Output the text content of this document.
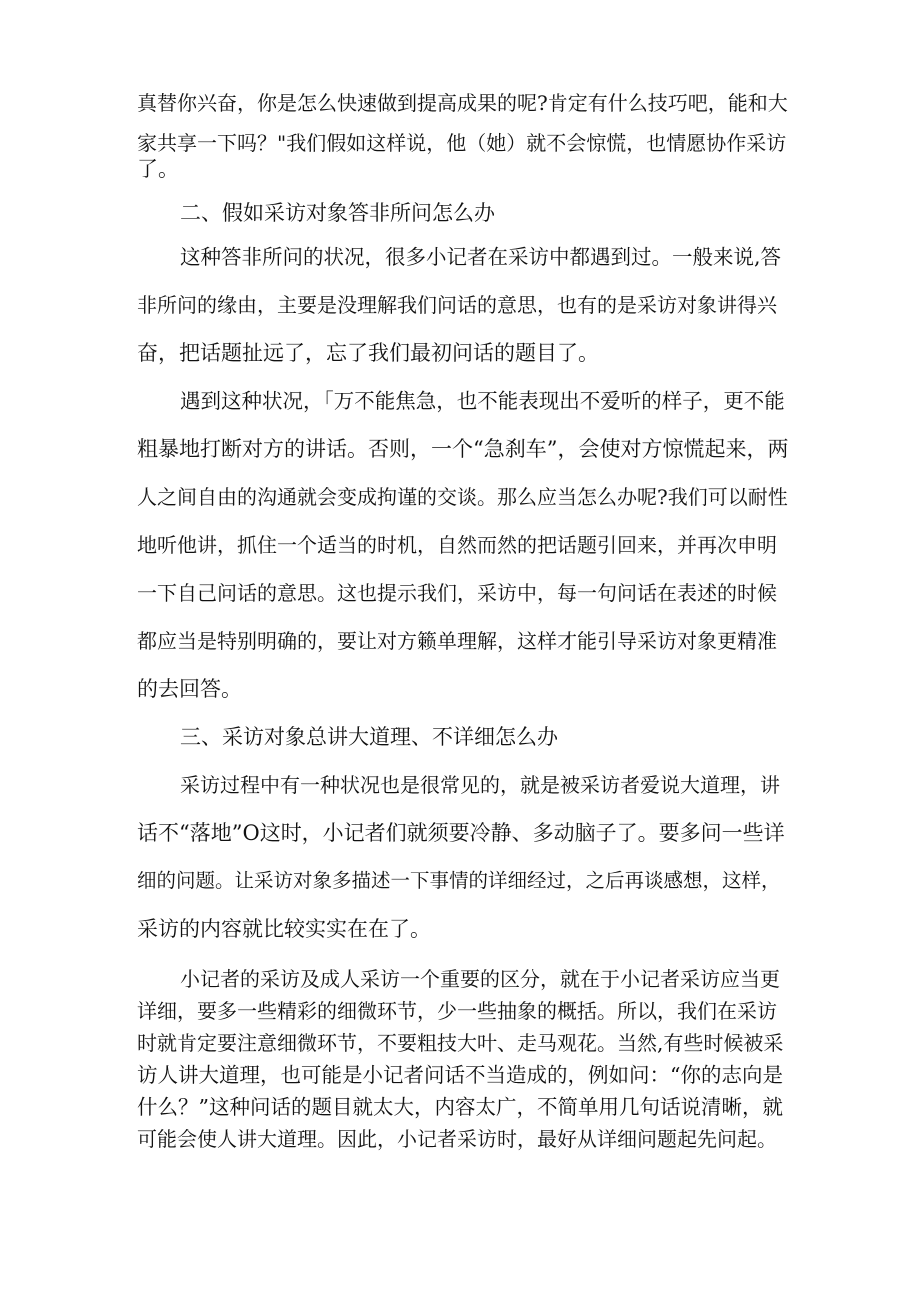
真替你兴奋，你是怎么快速做到提高成果的呢?肯定有什么技巧吧，能和大

家共享一下吗？"我们假如这样说，他（她）就不会惊慌，也情愿协作采访

了。

二、假如采访对象答非所问怎么办

这种答非所问的状况，很多小记者在采访中都遇到过。一般来说,答

非所问的缘由，主要是没理解我们问话的意思，也有的是采访对象讲得兴

奋，把话题扯远了，忘了我们最初问话的题目了。

遇到这种状况，「万不能焦急，也不能表现出不爱听的样子，更不能

粗暴地打断对方的讲话。否则，一个“急刹车”，会使对方惊慌起来，两

人之间自由的沟通就会变成拘谨的交谈。那么应当怎么办呢?我们可以耐性

地听他讲，抓住一个适当的时机，自然而然的把话题引回来，并再次申明

一下自己问话的意思。这也提示我们，采访中，每一句问话在表述的时候

都应当是特别明确的，要让对方籁单理解，这样才能引导采访对象更精准

的去回答。

三、采访对象总讲大道理、不详细怎么办

采访过程中有一种状况也是很常见的，就是被采访者爱说大道理，讲

话不“落地”O这时，小记者们就须要冷静、多动脑子了。要多问一些详

细的问题。让采访对象多描述一下事情的详细经过，之后再谈感想，这样，

采访的内容就比较实实在在了。

小记者的采访及成人采访一个重要的区分，就在于小记者采访应当更

详细，要多一些精彩的细微环节，少一些抽象的概括。所以，我们在采访

时就肯定要注意细微环节，不要粗技大叶、走马观花。当然,有些时候被采

访人讲大道理，也可能是小记者问话不当造成的，例如问：“你的志向是

什么？”这种问话的题目就太大，内容太广，不简单用几句话说清晰，就

可能会使人讲大道理。因此，小记者采访时，最好从详细问题起先问起。
